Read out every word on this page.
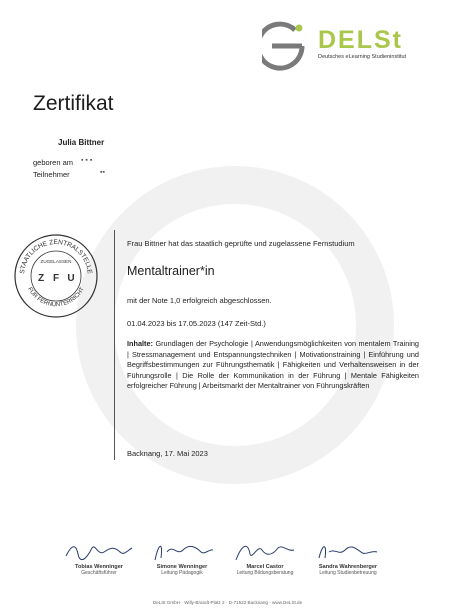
DELSt
Deutsches eLearning Studieninstitut
Zertifikat
Julia Bittner
geboren am ▪︎ ▪︎ ▪︎
Teilnehmer	▪︎▪︎
STAATLICHE ZENTRALSTELLE
FÜR FERNUNTERRICHT
ZUGELASSEN
Z F U
Frau Bittner hat das staatlich geprüfte und zugelassene Fernstudium
Mentaltrainer*in
mit der Note 1,0 erfolgreich abgeschlossen.
01.04.2023 bis 17.05.2023 (147 Zeit-Std.)
Inhalte: Grundlagen der Psychologie | Anwendungsmöglichkeiten von mentalem Training | Stressmanagement und Entspannungstechniken | Motivationstraining | Einführung und Begriffsbestimmungen zur Führungsthematik | Fähigkeiten und Verhaltensweisen in der Führungsrolle | Die Rolle der Kommunikation in der Führung | Mentale Fähigkeiten erfolgreicher Führung | Arbeitsmarkt der Mentaltrainer von Führungskräften
Backnang, 17. Mai 2023
Tobias Wenninger
Geschäftsführer
Simone Wenninger
Leitung Pädagogik
Marcel Castor
Leitung Bildungsberatung
Sandra Wahrenberger
Leitung Studienbetreuung
DeLSt GmbH · Willy-Brandt-Platz 2 · D-71522 Backnang · www.DeLSt.de
